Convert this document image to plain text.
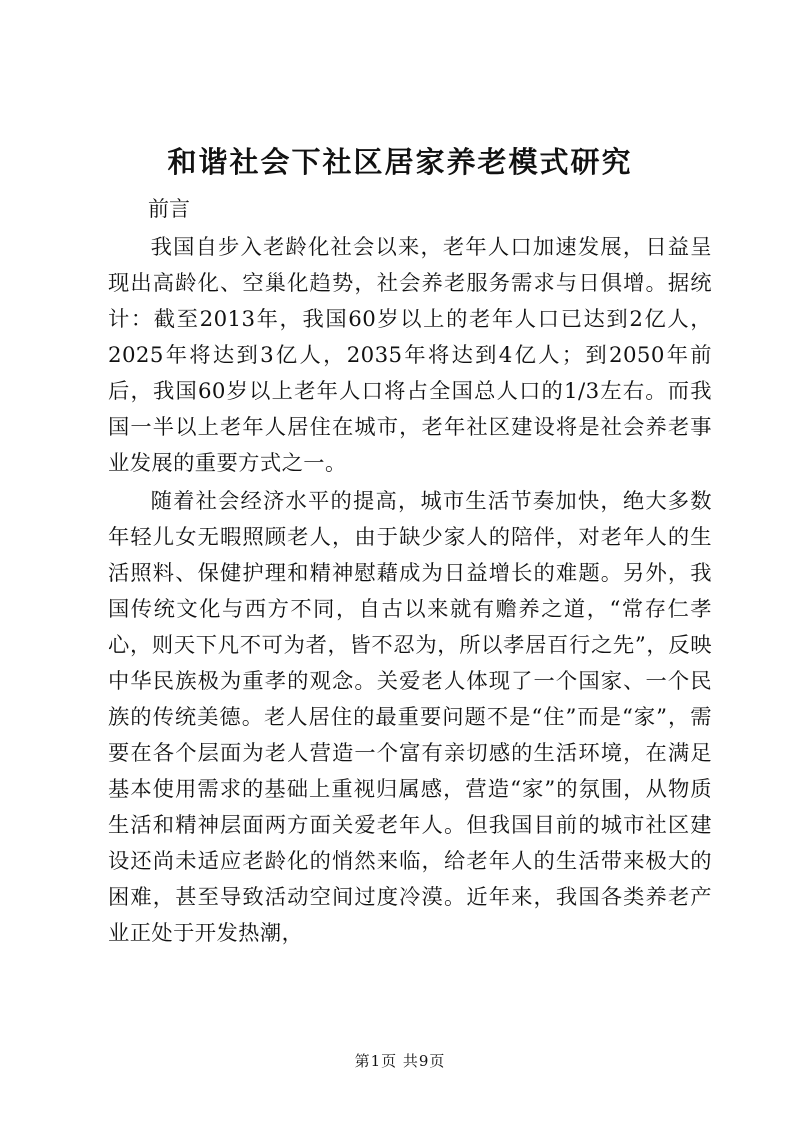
和谐社会下社区居家养老模式研究
前言

我国自步入老龄化社会以来，老年人口加速发展，日益呈现出高龄化、空巢化趋势，社会养老服务需求与日俱增。据统计：截至2013年，我国60岁以上的老年人口已达到2亿人，2025年将达到3亿人，2035年将达到4亿人；到2050年前后，我国60岁以上老年人口将占全国总人口的1/3左右。而我国一半以上老年人居住在城市，老年社区建设将是社会养老事业发展的重要方式之一。

随着社会经济水平的提高，城市生活节奏加快，绝大多数年轻儿女无暇照顾老人，由于缺少家人的陪伴，对老年人的生活照料、保健护理和精神慰藉成为日益增长的难题。另外，我国传统文化与西方不同，自古以来就有赡养之道，“常存仁孝心，则天下凡不可为者，皆不忍为，所以孝居百行之先”，反映中华民族极为重孝的观念。关爱老人体现了一个国家、一个民族的传统美德。老人居住的最重要问题不是“住”而是“家”，需要在各个层面为老人营造一个富有亲切感的生活环境，在满足基本使用需求的基础上重视归属感，营造“家”的氛围，从物质生活和精神层面两方面关爱老年人。但我国目前的城市社区建设还尚未适应老龄化的悄然来临，给老年人的生活带来极大的困难，甚至导致活动空间过度冷漠。近年来，我国各类养老产业正处于开发热潮，

第1页 共9页
